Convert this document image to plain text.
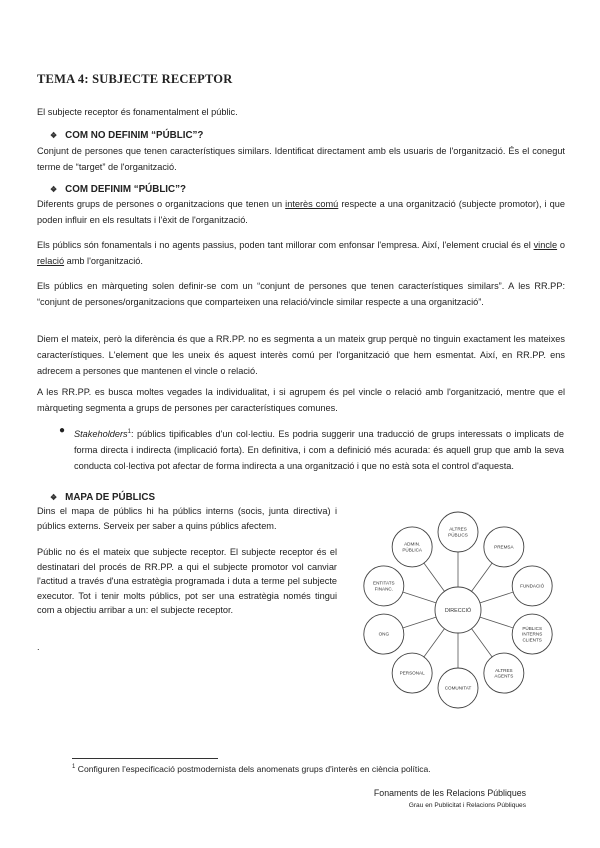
TEMA 4: SUBJECTE RECEPTOR
El subjecte receptor és fonamentalment el públic.
❖ COM NO DEFINIM “PÚBLIC”?
Conjunt de persones que tenen característiques similars. Identificat directament amb els usuaris de l'organització. És el conegut terme de “target” de l'organització.
❖ COM DEFINIM “PÚBLIC”?
Diferents grups de persones o organitzacions que tenen un interès comú respecte a una organització (subjecte promotor), i que poden influir en els resultats i l'èxit de l'organització.
Els públics són fonamentals i no agents passius, poden tant millorar com enfonsar l'empresa. Així, l'element crucial és el vincle o relació amb l'organització.
Els públics en màrqueting solen definir-se com un “conjunt de persones que tenen característiques similars”. A les RR.PP: “conjunt de persones/organitzacions que comparteixen una relació/vincle similar respecte a una organització”.
Diem el mateix, però la diferència és que a RR.PP. no es segmenta a un mateix grup perquè no tinguin exactament les mateixes característiques. L'element que les uneix és aquest interès comú per l'organització que hem esmentat. Així, en RR.PP. ens adrecem a persones que mantenen el vincle o relació.
A les RR.PP. es busca moltes vegades la individualitat, i si agrupem és pel vincle o relació amb l'organització, mentre que el màrqueting segmenta a grups de persones per característiques comunes.
● Stakeholders$^1$: públics tipificables d'un col·lectiu. Es podria suggerir una traducció de grups interessats o implicats de forma directa i indirecta (implicació forta). En definitiva, i com a definició més acurada: és aquell grup que amb la seva conducta col·lectiva pot afectar de forma indirecta a una organització i que no està sota el control d'aquesta.
❖ MAPA DE PÚBLICS
Dins el mapa de públics hi ha públics interns (socis, junta directiva) i públics externs. Serveix per saber a quins públics afectem.
Públic no és el mateix que subjecte receptor. El subjecte receptor és el destinatari del procés de RR.PP. a qui el subjecte promotor vol canviar l'actitud a través d'una estratègia programada i duta a terme pel subjecte executor. Tot i tenir molts públics, pot ser una estratègia només tingui com a objectiu arribar a un: el subjecte receptor.
.
ALTRES PÚBLICS
PREMSA
FUNDACIÓ
PÚBLICS INTERNS CLIENTS
ALTRES AGENTS
COMUNITAT
PERSONAL
ONG
ENTITATS FINANC.
ADMIN. PÚBLICA
DIRECCIÓ
$^1$ Configuren l'especificació postmodernista dels anomenats grups d'interès en ciència política.
Fonaments de les Relacions Públiques
Grau en Publicitat i Relacions Públiques
